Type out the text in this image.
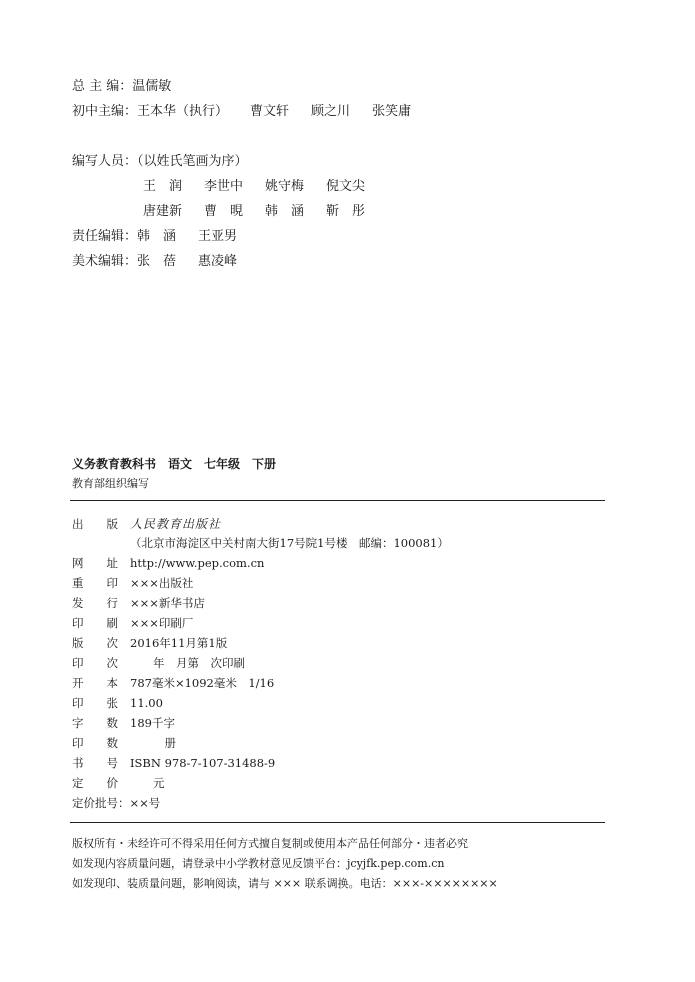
总 主 编：温儒敏
初中主编：王本华（执行） 曹文轩 顾之川 张笑庸
编写人员：（以姓氏笔画为序）
王　润 李世中 姚守梅 倪文尖
唐建新 曹　晛 韩　涵 靳　彤
责任编辑：韩　涵 王亚男
美术编辑：张　蓓 惠凌峰
义务教育教科书　语文　七年级　下册
教育部组织编写
出　　版 人民教育出版社
（北京市海淀区中关村南大街17号院1号楼　邮编：100081）
网　　址 http://www.pep.com.cn
重　　印 ×××出版社
发　　行 ×××新华书店
印　　刷 ×××印刷厂
版　　次 2016年11月第1版
印　　次　　年　月第　次印刷
开　　本 787毫米×1092毫米　1/16
印　　张 11.00
字　　数 189千字
印　　数　　　册
书　　号 ISBN 978-7-107-31488-9
定　　价　　元
定价批号：××号
版权所有・未经许可不得采用任何方式擅自复制或使用本产品任何部分・违者必究
如发现内容质量问题，请登录中小学教材意见反馈平台：jcyjfk.pep.com.cn
如发现印、装质量问题，影响阅读，请与 ××× 联系调换。电话：×××-××××××××
